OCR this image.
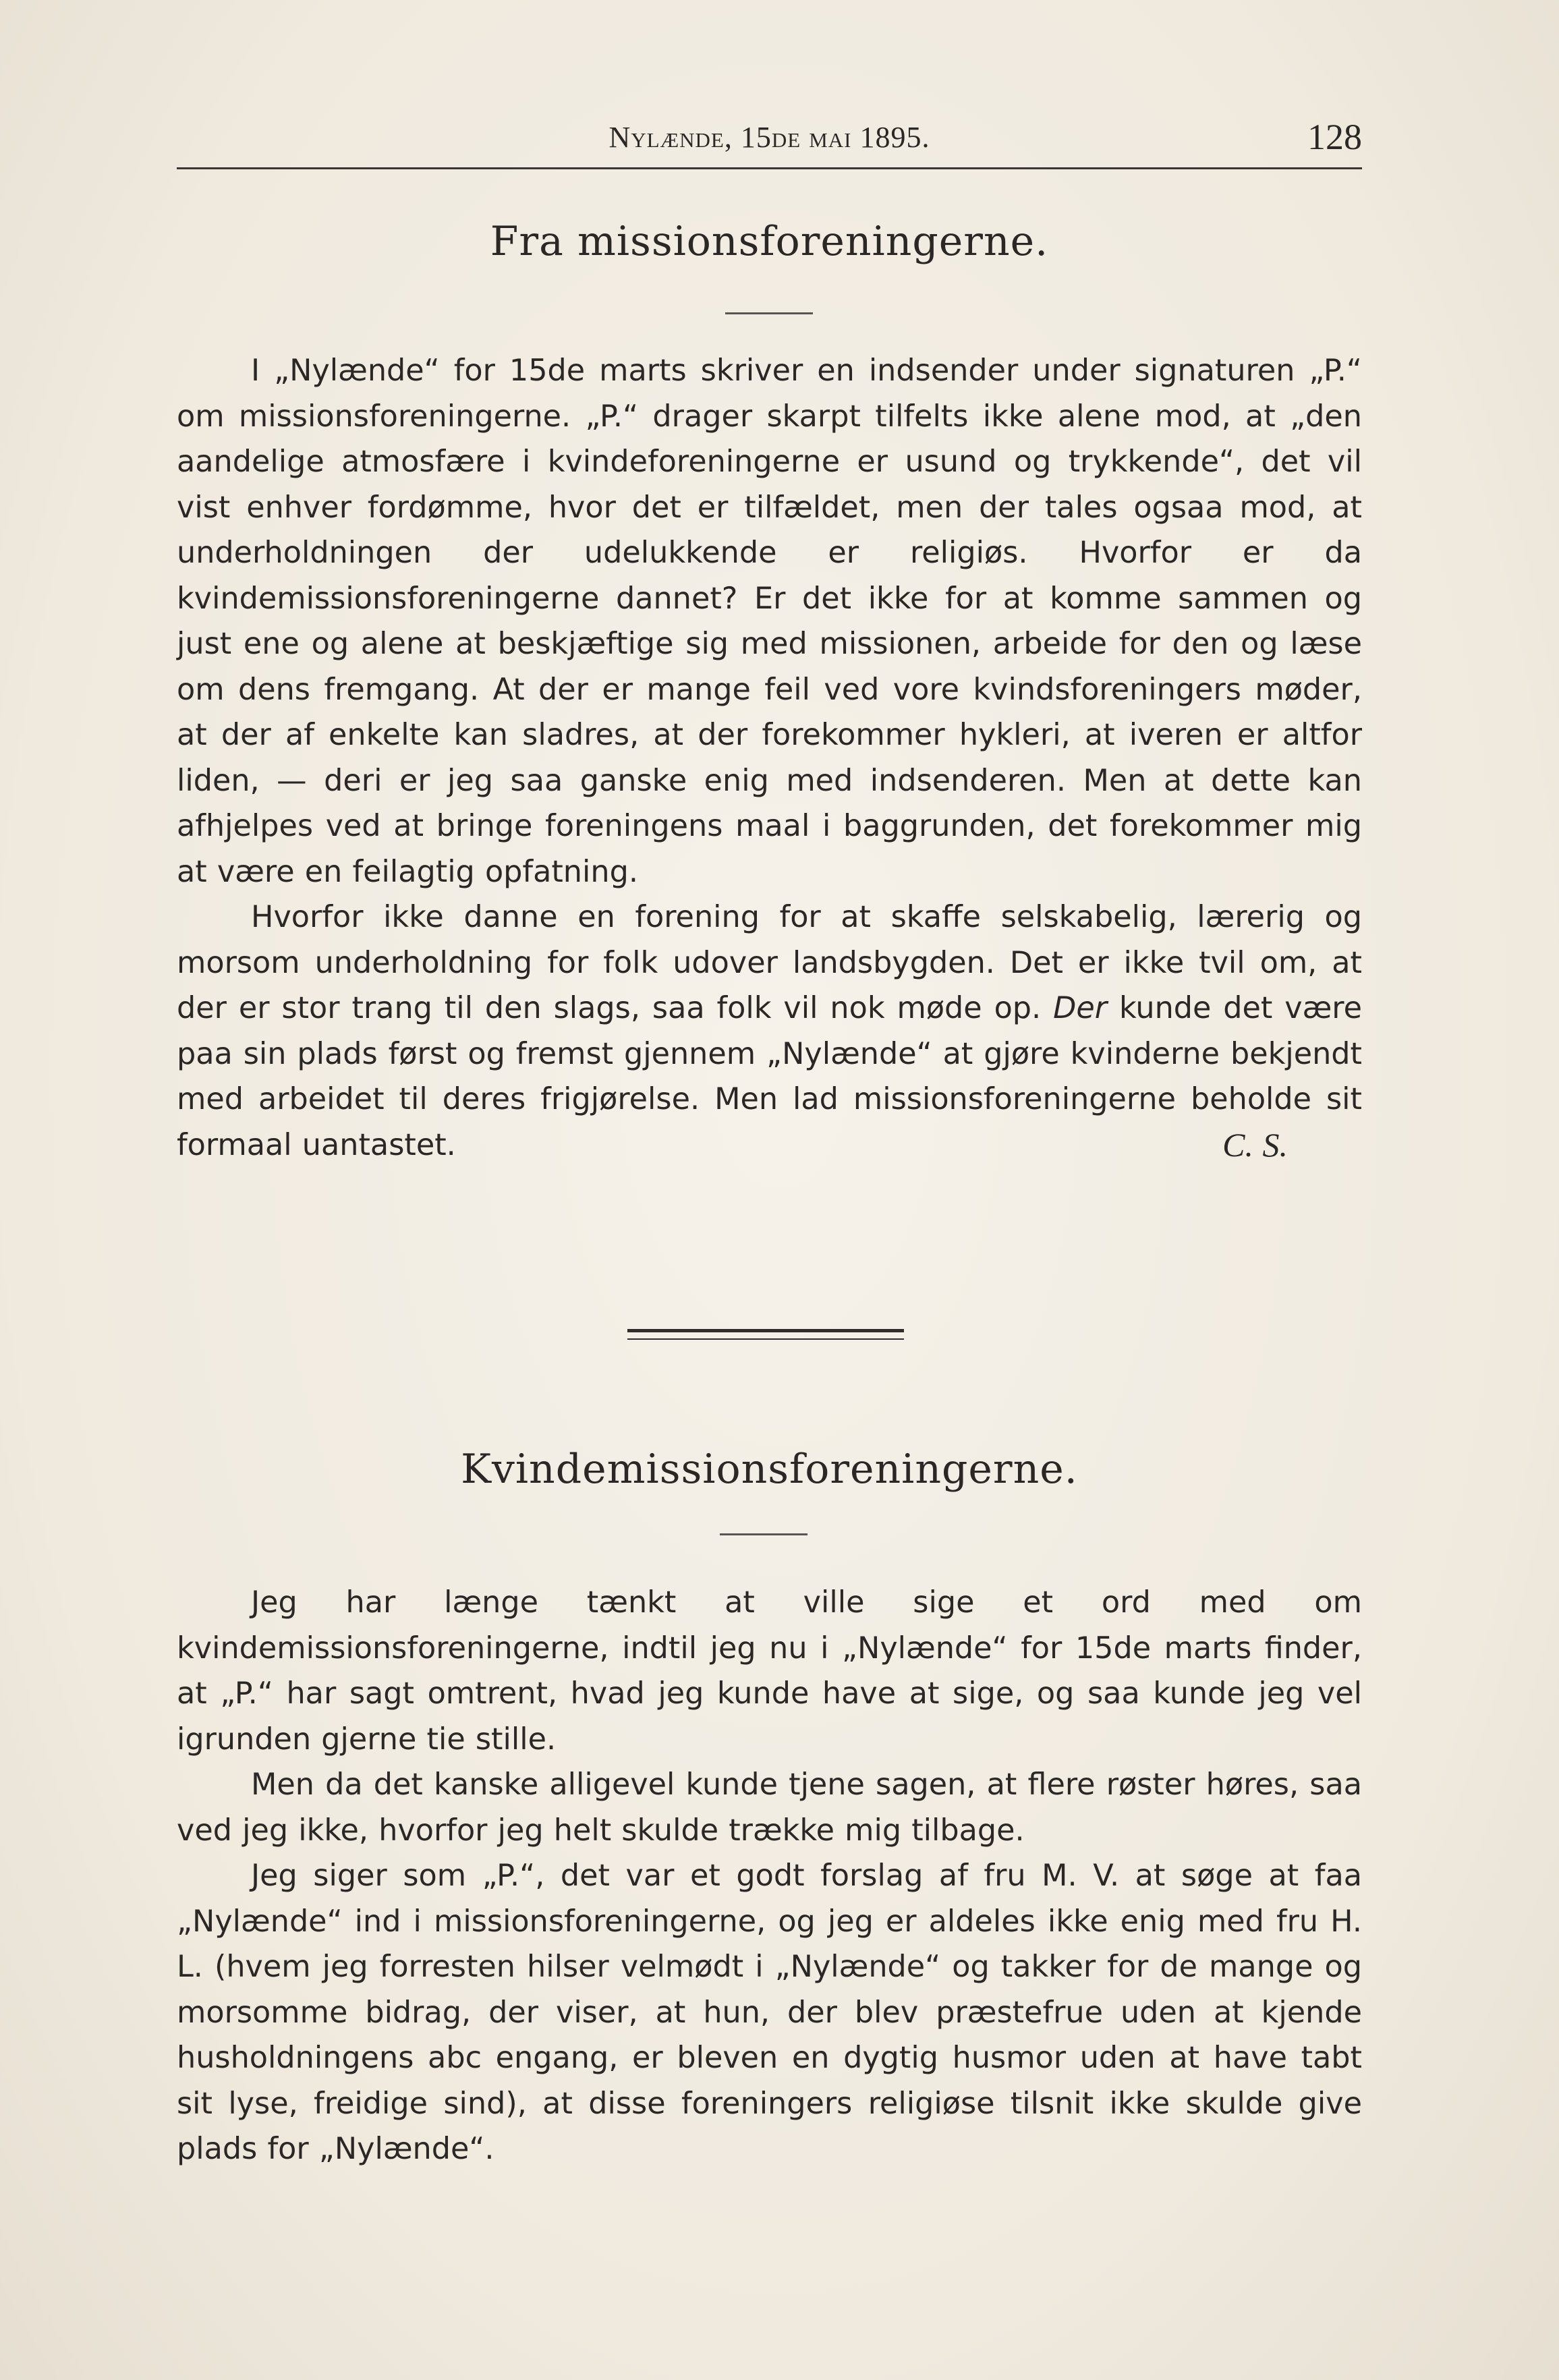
Nylænde, 15de mai 1895.	128
Fra missionsforeningerne.

I „Nylænde“ for 15de marts skriver en indsender under signaturen „P.“ om missionsforeningerne. „P.“ drager skarpt tilfelts ikke alene mod, at „den aandelige atmosfære i kvindeforeningerne er usund og trykkende“, det vil vist enhver fordømme, hvor det er tilfældet, men der tales ogsaa mod, at underholdningen der udelukkende er religiøs. Hvorfor er da kvindemissionsforeningerne dannet? Er det ikke for at komme sammen og just ene og alene at beskjæftige sig med missionen, arbeide for den og læse om dens fremgang. At der er mange feil ved vore kvindsforeningers møder, at der af enkelte kan sladres, at der forekommer hykleri, at iveren er altfor liden, — deri er jeg saa ganske enig med indsenderen. Men at dette kan afhjelpes ved at bringe foreningens maal i baggrunden, det forekommer mig at være en feilagtig opfatning.

Hvorfor ikke danne en forening for at skaffe selskabelig, lærerig og morsom underholdning for folk udover landsbygden. Det er ikke tvil om, at der er stor trang til den slags, saa folk vil nok møde op. Der kunde det være paa sin plads først og fremst gjennem „Nylænde“ at gjøre kvinderne bekjendt med arbeidet til deres frigjørelse. Men lad missionsforeningerne beholde sit formaal uantastet.	C. S.

Kvindemissionsforeningerne.

Jeg har længe tænkt at ville sige et ord med om kvindemissionsforeningerne, indtil jeg nu i „Nylænde“ for 15de marts finder, at „P.“ har sagt omtrent, hvad jeg kunde have at sige, og saa kunde jeg vel igrunden gjerne tie stille.

Men da det kanske alligevel kunde tjene sagen, at flere røster høres, saa ved jeg ikke, hvorfor jeg helt skulde trække mig tilbage.

Jeg siger som „P.“, det var et godt forslag af fru M. V. at søge at faa „Nylænde“ ind i missionsforeningerne, og jeg er aldeles ikke enig med fru H. L. (hvem jeg forresten hilser velmødt i „Nylænde“ og takker for de mange og morsomme bidrag, der viser, at hun, der blev præstefrue uden at kjende husholdningens abc engang, er bleven en dygtig husmor uden at have tabt sit lyse, freidige sind), at disse foreningers religiøse tilsnit ikke skulde give plads for „Nylænde“.
